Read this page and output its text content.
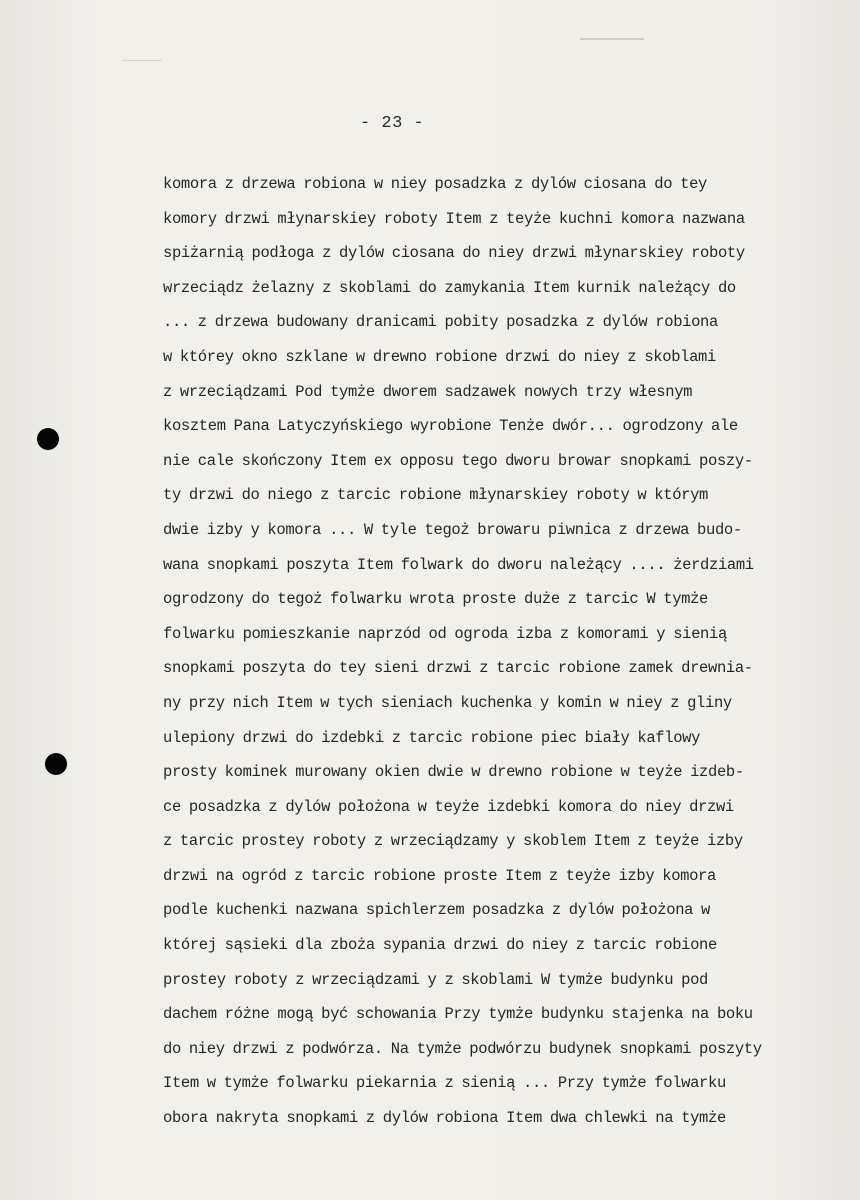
- 23 -
komora z drzewa robiona w niey posadzka z dylów ciosana do tey
komory drzwi młynarskiey roboty Item z teyże kuchni komora nazwana
spiżarnią podłoga z dylów ciosana do niey drzwi młynarskiey roboty
wrzeciądz żelazny z skoblami do zamykania Item kurnik należący do
... z drzewa budowany dranicami pobity posadzka z dylów robiona
w którey okno szklane w drewno robione drzwi do niey z skoblami
z wrzeciądzami Pod tymże dworem sadzawek nowych trzy włesnym
kosztem Pana Latyczyńskiego wyrobione Tenże dwór... ogrodzony ale
nie cale skończony Item ex opposu tego dworu browar snopkami poszy-
ty drzwi do niego z tarcic robione młynarskiey roboty w którym
dwie izby y komora ... W tyle tegoż browaru piwnica z drzewa budo-
wana snopkami poszyta Item folwark do dworu należący .... żerdziami
ogrodzony do tegoż folwarku wrota proste duże z tarcic W tymże
folwarku pomieszkanie naprzód od ogroda izba z komorami y sienią
snopkami poszyta do tey sieni drzwi z tarcic robione zamek drewnia-
ny przy nich Item w tych sieniach kuchenka y komin w niey z gliny
ulepiony drzwi do izdebki z tarcic robione piec biały kaflowy
prosty kominek murowany okien dwie w drewno robione w teyże izdeb-
ce posadzka z dylów położona w teyże izdebki komora do niey drzwi
z tarcic prostey roboty z wrzeciądzamy y skoblem Item z teyże izby
drzwi na ogród z tarcic robione proste Item z teyże izby komora
podle kuchenki nazwana spichlerzem posadzka z dylów położona w
której sąsieki dla zboża sypania drzwi do niey z tarcic robione
prostey roboty z wrzeciądzami y z skoblami W tymże budynku pod
dachem różne mogą być schowania Przy tymże budynku stajenka na boku
do niey drzwi z podwórza. Na tymże podwórzu budynek snopkami poszyty
Item w tymże folwarku piekarnia z sienią ... Przy tymże folwarku
obora nakryta snopkami z dylów robiona Item dwa chlewki na tymże
